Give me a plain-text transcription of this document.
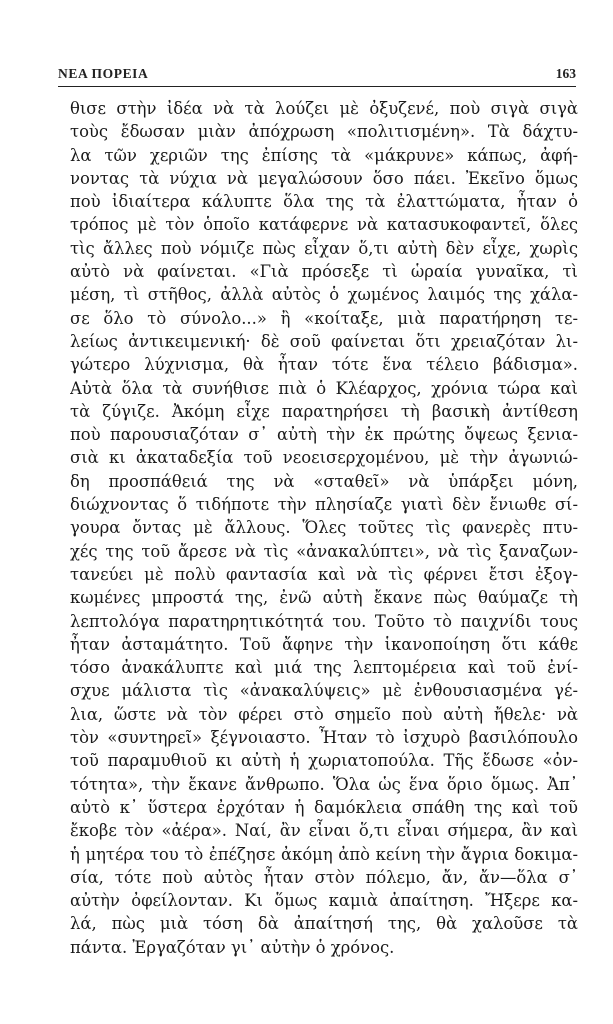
ΝΕΑ ΠΟΡΕΙΑ	163
θισε στὴν ἰδέα νὰ τὰ λούζει μὲ ὀξυζενέ, ποὺ σιγὰ σιγὰ
τοὺς ἔδωσαν μιὰν ἀπόχρωση «πολιτισμένη». Τὰ δάχτυ-
λα τῶν χεριῶν της ἐπίσης τὰ «μάκρυνε» κάπως, ἀφή-
νοντας τὰ νύχια νὰ μεγαλώσουν ὅσο πάει. Ἐκεῖνο ὅμως
ποὺ ἰδιαίτερα κάλυπτε ὅλα της τὰ ἐλαττώματα, ἦταν ὁ
τρόπος μὲ τὸν ὁποῖο κατάφερνε νὰ κατασυκοφαντεῖ, ὅλες
τὶς ἄλλες ποὺ νόμιζε πὼς εἶχαν ὅ,τι αὐτὴ δὲν εἶχε, χωρὶς
αὐτὸ νὰ φαίνεται. «Γιὰ πρόσεξε τὶ ὡραία γυναῖκα, τὶ
μέση, τὶ στῆθος, ἀλλὰ αὐτὸς ὁ χωμένος λαιμός της χάλα-
σε ὅλο τὸ σύνολο...» ἢ «κοίταξε, μιὰ παρατήρηση τε-
λείως ἀντικειμενική· δὲ σοῦ φαίνεται ὅτι χρειαζόταν λι-
γώτερο λύχνισμα, θὰ ἦταν τότε ἕνα τέλειο βάδισμα».
Αὐτὰ ὅλα τὰ συνήθισε πιὰ ὁ Κλέαρχος, χρόνια τώρα καὶ
τὰ ζύγιζε. Ἀκόμη εἶχε παρατηρήσει τὴ βασικὴ ἀντίθεση
ποὺ παρουσιαζόταν σ᾽ αὐτὴ τὴν ἐκ πρώτης ὄψεως ξενια-
σιὰ κι ἀκαταδεξία τοῦ νεοεισερχομένου, μὲ τὴν ἀγωνιώ-
δη προσπάθειά της νὰ «σταθεῖ» νὰ ὑπάρξει μόνη,
διώχνοντας ὅ τιδήποτε τὴν πλησίαζε γιατὶ δὲν ἔνιωθε σί-
γουρα ὄντας μὲ ἄλλους. Ὅλες τοῦτες τὶς φανερὲς πτυ-
χές της τοῦ ἄρεσε νὰ τὶς «ἀνακαλύπτει», νὰ τὶς ξαναζων-
τανεύει μὲ πολὺ φαντασία καὶ νὰ τὶς φέρνει ἔτσι ἐξογ-
κωμένες μπροστά της, ἐνῶ αὐτὴ ἔκανε πὼς θαύμαζε τὴ
λεπτολόγα παρατηρητικότητά του. Τοῦτο τὸ παιχνίδι τους
ἦταν ἀσταμάτητο. Τοῦ ἄφηνε τὴν ἱκανοποίηση ὅτι κάθε
τόσο ἀνακάλυπτε καὶ μιά της λεπτομέρεια καὶ τοῦ ἐνί-
σχυε μάλιστα τὶς «ἀνακαλύψεις» μὲ ἐνθουσιασμένα γέ-
λια, ὥστε νὰ τὸν φέρει στὸ σημεῖο ποὺ αὐτὴ ἤθελε· νὰ
τὸν «συντηρεῖ» ξέγνοιαστο. Ἦταν τὸ ἰσχυρὸ βασιλόπουλο
τοῦ παραμυθιοῦ κι αὐτὴ ἡ χωριατοπούλα. Τῆς ἔδωσε «ὀν-
τότητα», τὴν ἔκανε ἄνθρωπο. Ὅλα ὡς ἕνα ὅριο ὅμως. Ἀπ᾽
αὐτὸ κ᾽ ὕστερα ἐρχόταν ἡ δαμόκλεια σπάθη της καὶ τοῦ
ἔκοβε τὸν «ἀέρα». Ναί, ἂν εἶναι ὅ,τι εἶναι σήμερα, ἂν καὶ
ἡ μητέρα του τὸ ἐπέζησε ἀκόμη ἀπὸ κείνη τὴν ἄγρια δοκιμα-
σία, τότε ποὺ αὐτὸς ἦταν στὸν πόλεμο, ἄν, ἄν—ὅλα σ᾽
αὐτὴν ὀφείλονταν. Κι ὅμως καμιὰ ἀπαίτηση. Ἤξερε κα-
λά, πὼς μιὰ τόση δὰ ἀπαίτησή της, θὰ χαλοῦσε τὰ
πάντα. Ἐργαζόταν γι᾽ αὐτὴν ὁ χρόνος.
